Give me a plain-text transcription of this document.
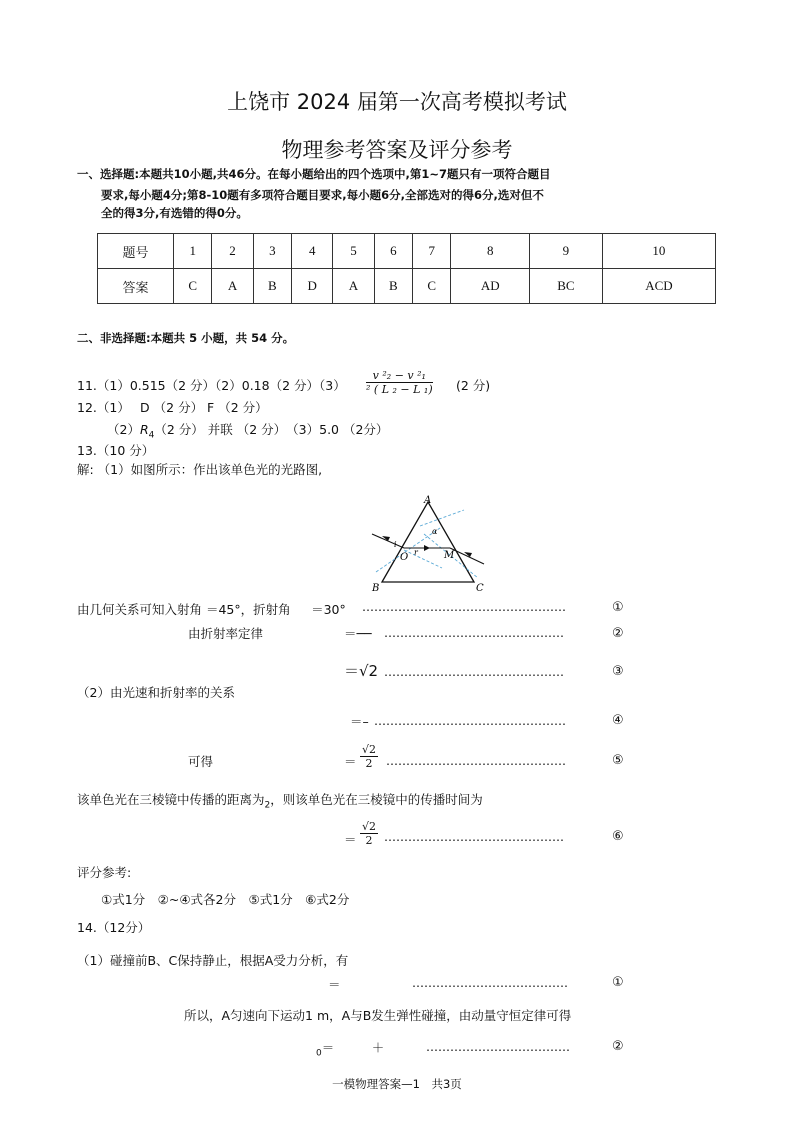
上饶市 2024 届第一次高考模拟考试
物理参考答案及评分参考
一、选择题:本题共10小题,共46分。在每小题给出的四个选项中,第1~7题只有一项符合题目
要求,每小题4分;第8-10题有多项符合题目要求,每小题6分,全部选对的得6分,选对但不
全的得3分,有选错的得0分。
题号	1	2	3	4	5	6	7	8	9	10
答案	C	A	B	D	A	B	C	AD	BC	ACD
二、非选择题:本题共 5 小题，共 54 分。
11.（1）0.515（2 分）（2）0.18（2 分）$(3) \frac{\text{v ²₂ − v ²₁}}{\text{² ( L ₂ − L ₁)}} (2$ 分)
12.（1）　 D （2 分） F （2 分）
$(2)R_4(2$ 分） 并联 （2 分）　（3）5.0 （2分）
13.（10 分）
解: （1）如图所示：作出该单色光的光路图,
A
B	C
O	M
i
r
α
由几何关系可知入射角 ＝45°，折射角 　 ＝30° ……………………………………………	①
由折射率定律	＝── ………………………………………	②
＝√2 ………………………………………	③
（2）由光速和折射率的关系
＝– …………………………………………	④
可得	＝ $\frac{√2}{2}$ ………………………………………	⑤
该单色光在三棱镜中传播的距离为$_2$，则该单色光在三棱镜中的传播时间为
＝ $\frac{√2}{2}$ ………………………………………	⑥
评分参考:
①式1分　②~④式各2分　⑤式1分　⑥式2分
14.（12分）
（1）碰撞前B、C保持静止，根据A受力分析，有
＝	…………………………………	①
所以，A匀速向下运动1 m，A与B发生弹性碰撞，由动量守恒定律可得
$_0$＝　　　＋	………………………………	②
一模物理答案—1　共3页
